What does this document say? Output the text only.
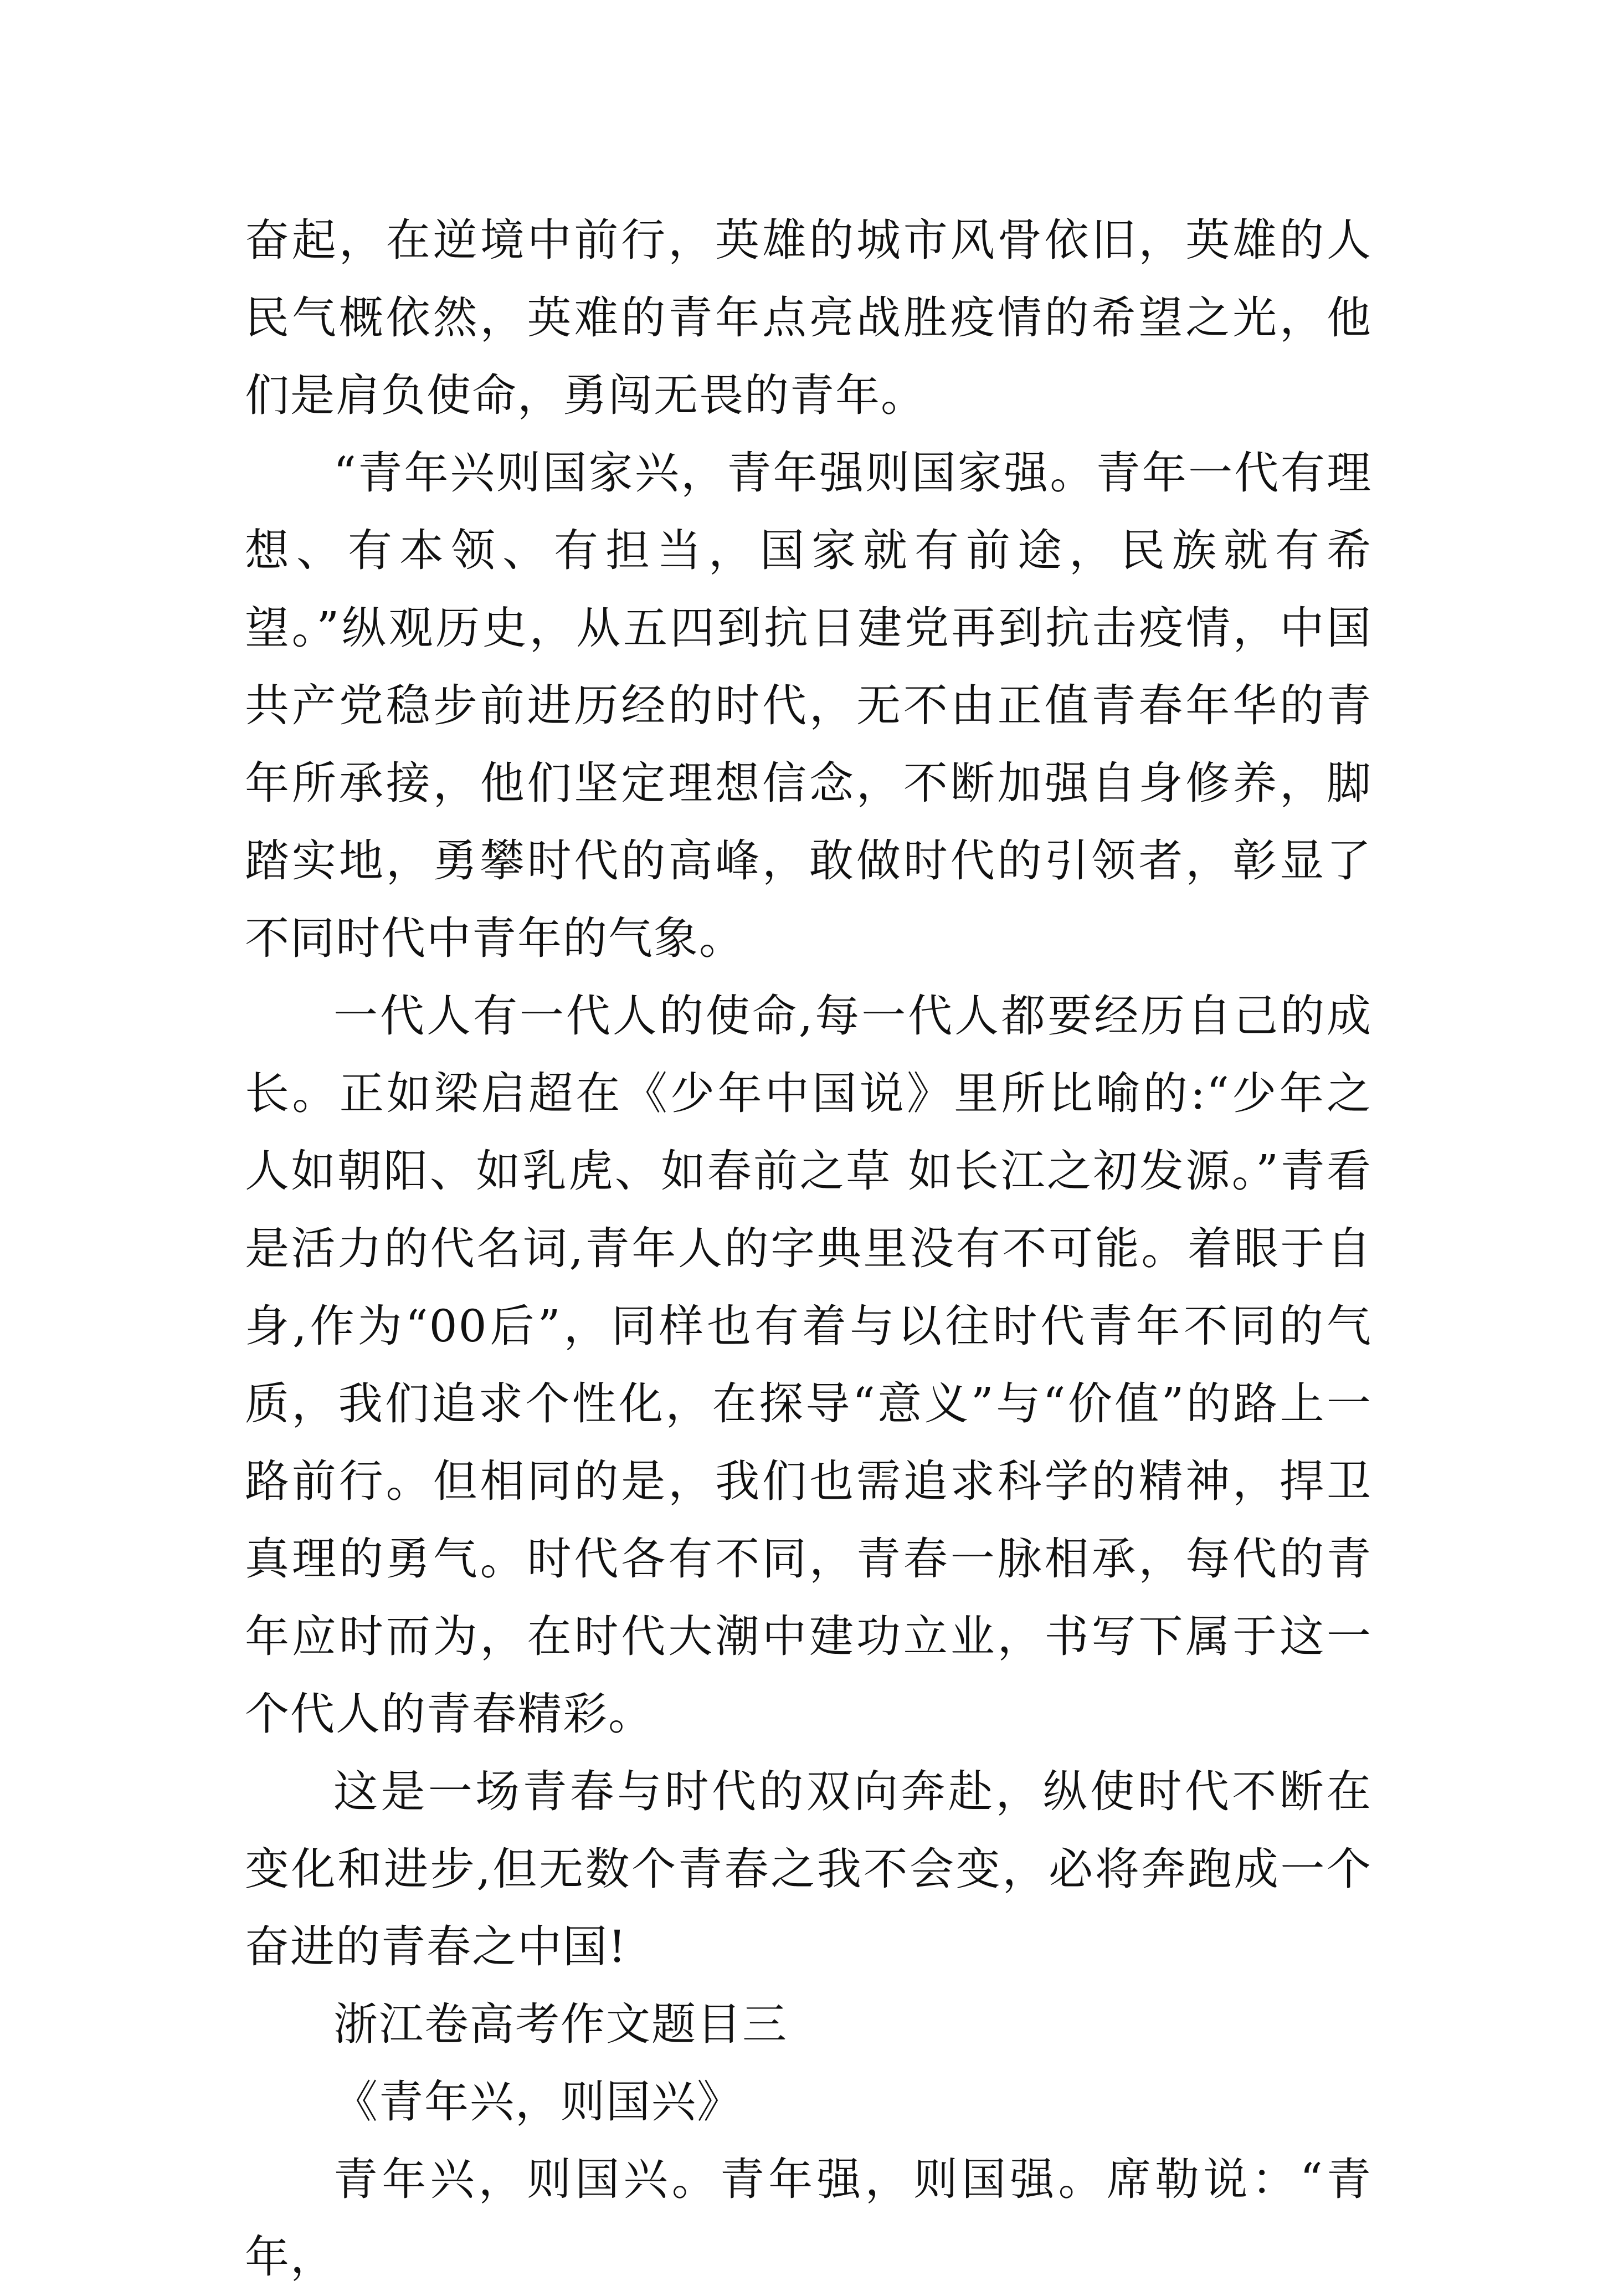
奋起，在逆境中前行，英雄的城市风骨依旧，英雄的人民气概依然，英难的青年点亮战胜疫情的希望之光，他们是肩负使命，勇闯无畏的青年。

“青年兴则国家兴，青年强则国家强。青年一代有理想、有本领、有担当，国家就有前途，民族就有希望。”纵观历史，从五四到抗日建党再到抗击疫情，中国共产党稳步前进历经的时代，无不由正值青春年华的青年所承接，他们坚定理想信念，不断加强自身修养，脚踏实地，勇攀时代的高峰，敢做时代的引领者，彰显了不同时代中青年的气象。

一代人有一代人的使命,每一代人都要经历自己的成长。正如梁启超在《少年中国说》里所比喻的:“少年之人如朝阳、如乳虎、如春前之草 如长江之初发源。”青看是活力的代名词,青年人的字典里没有不可能。着眼于自身,作为“00后”，同样也有着与以往时代青年不同的气质，我们追求个性化，在探导“意义”与“价值”的路上一路前行。但相同的是，我们也需追求科学的精神，捍卫真理的勇气。时代各有不同，青春一脉相承，每代的青年应时而为，在时代大潮中建功立业，书写下属于这一个代人的青春精彩。

这是一场青春与时代的双向奔赴，纵使时代不断在变化和进步,但无数个青春之我不会变，必将奔跑成一个奋进的青春之中国!

浙江卷高考作文题目三

《青年兴，则国兴》

青年兴，则国兴。青年强，则国强。席勒说：“青年，
